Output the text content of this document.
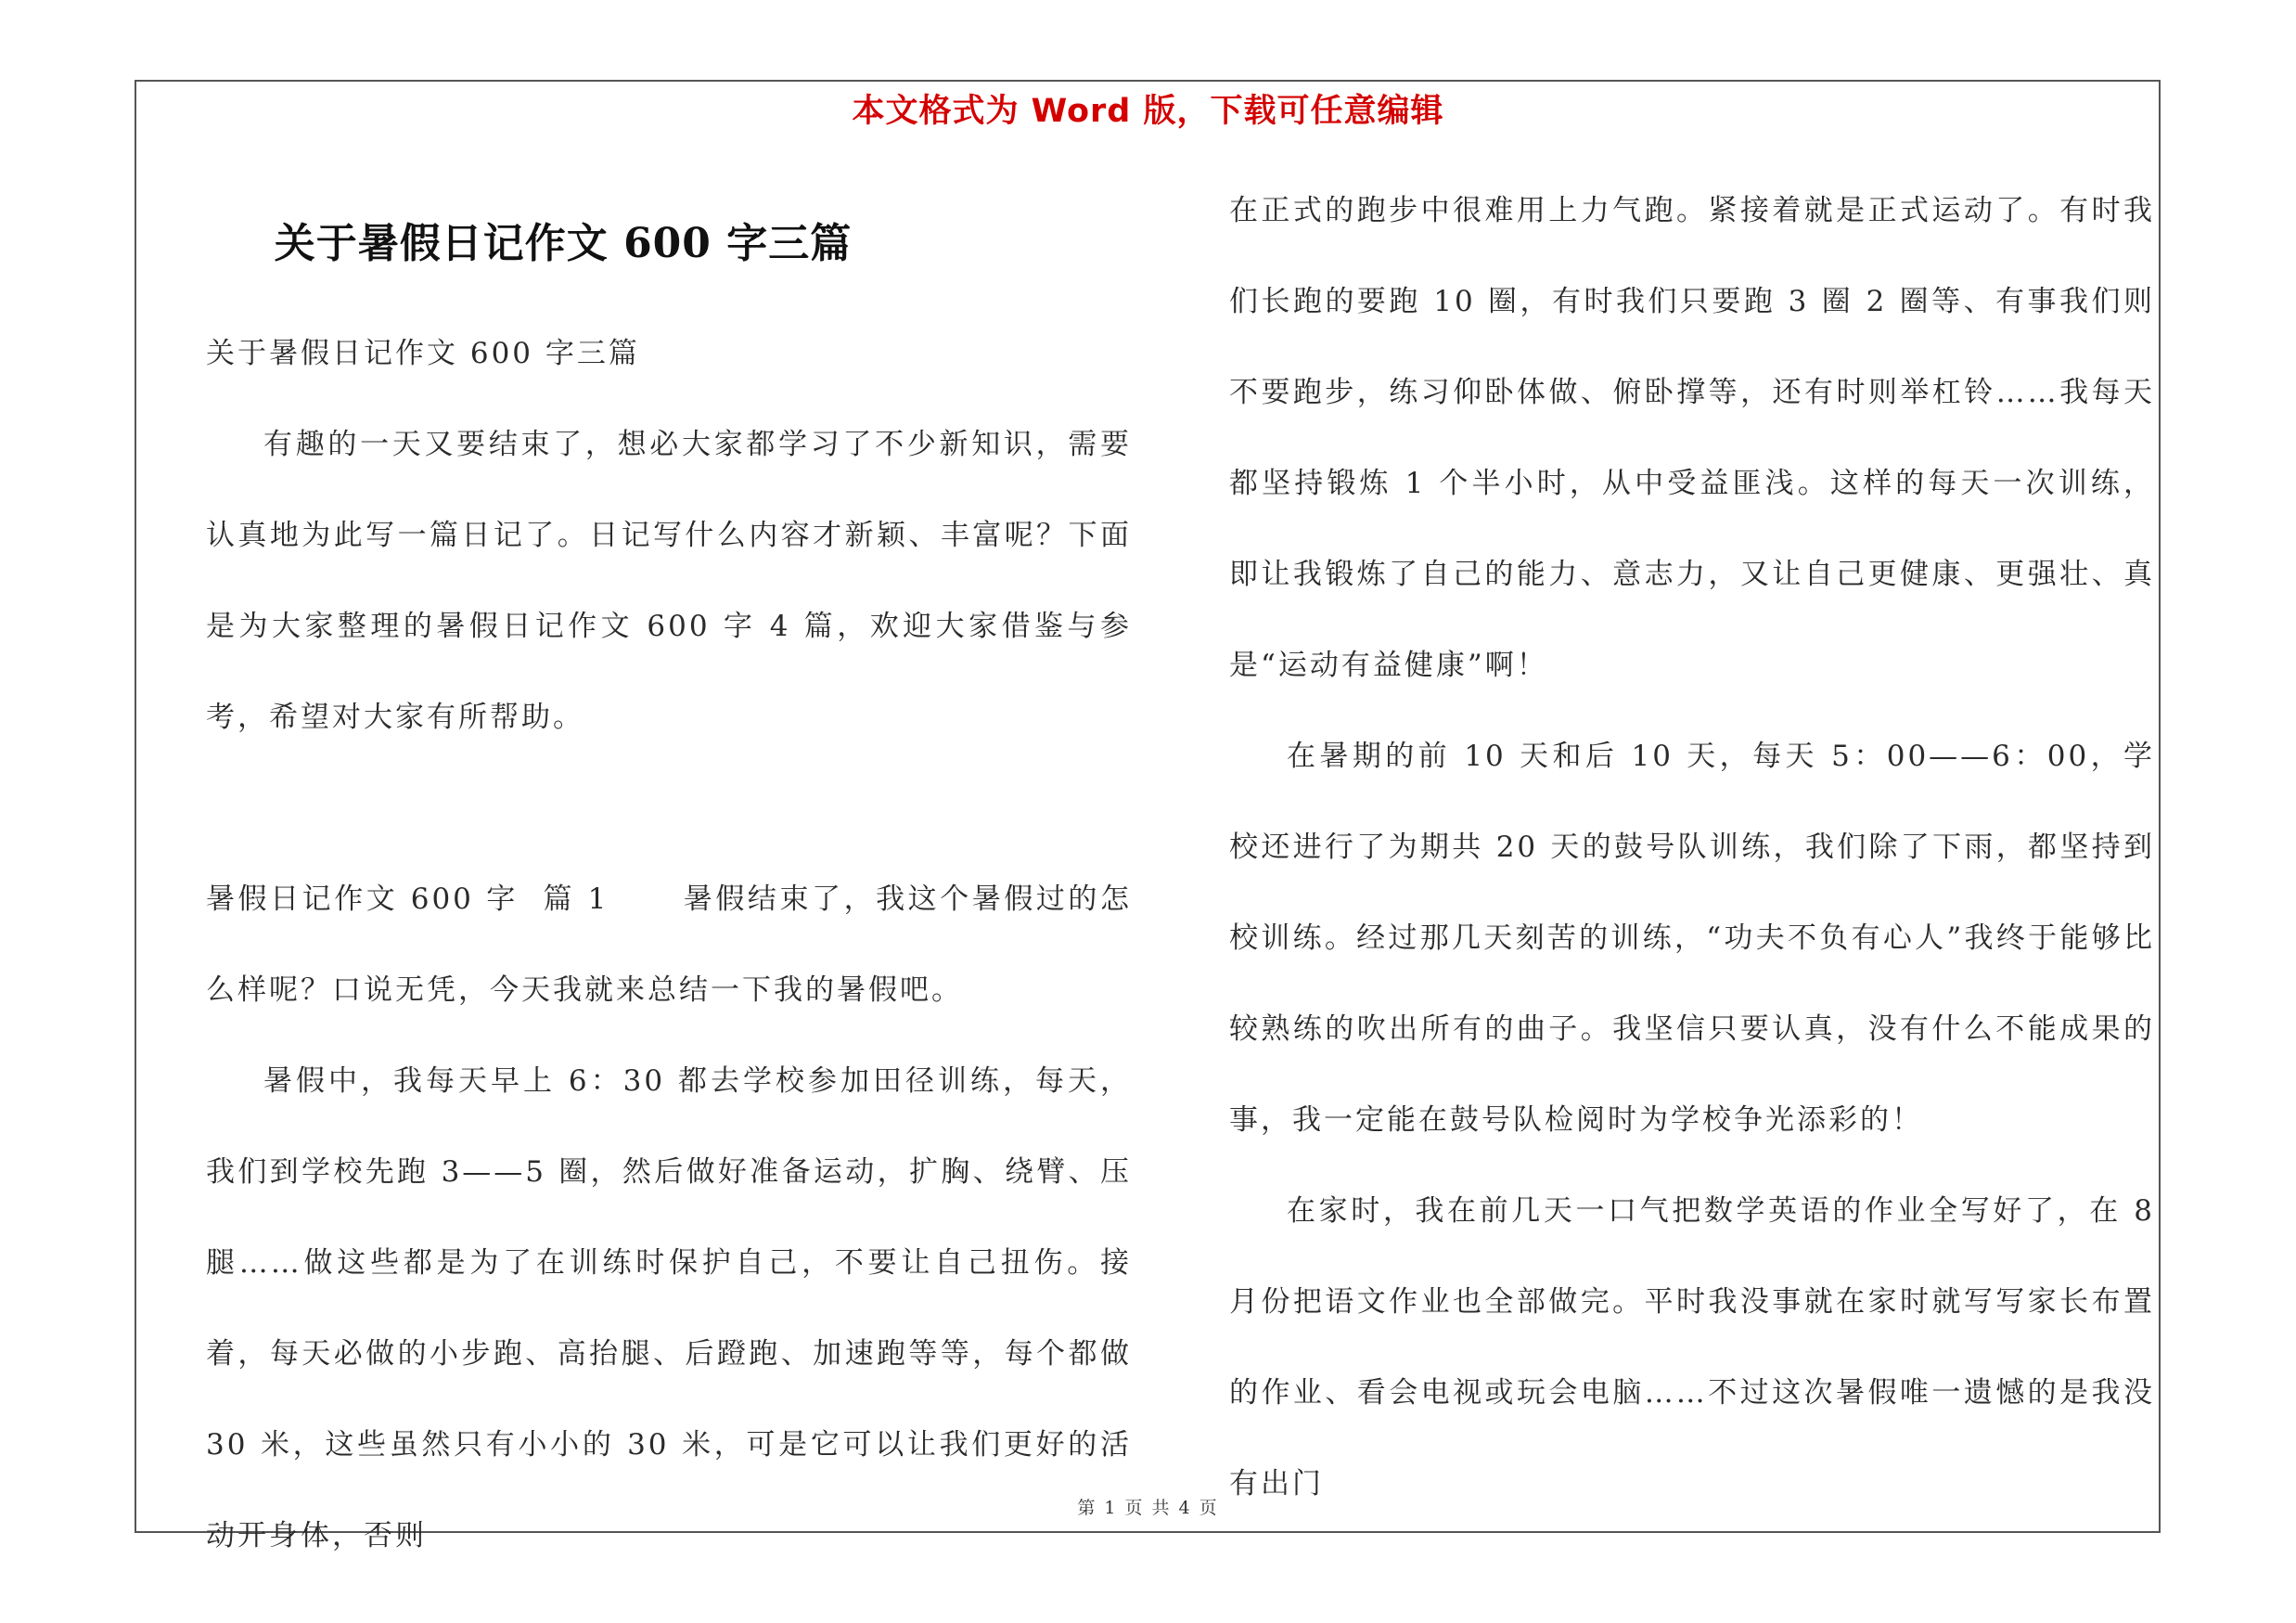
本文格式为 Word 版，下载可任意编辑
关于暑假日记作文 600 字三篇

关于暑假日记作文 600 字三篇

有趣的一天又要结束了，想必大家都学习了不少新知识，需要认真地为此写一篇日记了。日记写什么内容才新颖、丰富呢？下面是为大家整理的暑假日记作文 600 字 4 篇，欢迎大家借鉴与参考，希望对大家有所帮助。

暑假日记作文 600 字  篇 1      暑假结束了，我这个暑假过的怎么样呢？口说无凭，今天我就来总结一下我的暑假吧。

暑假中，我每天早上 6：30 都去学校参加田径训练，每天，我们到学校先跑 3——5 圈，然后做好准备运动，扩胸、绕臂、压腿……做这些都是为了在训练时保护自己，不要让自己扭伤。接着，每天必做的小步跑、高抬腿、后蹬跑、加速跑等等，每个都做 30 米，这些虽然只有小小的 30 米，可是它可以让我们更好的活动开身体，否则

在正式的跑步中很难用上力气跑。紧接着就是正式运动了。有时我们长跑的要跑 10 圈，有时我们只要跑 3 圈 2 圈等、有事我们则不要跑步，练习仰卧体做、俯卧撑等，还有时则举杠铃……我每天都坚持锻炼 1 个半小时，从中受益匪浅。这样的每天一次训练，即让我锻炼了自己的能力、意志力，又让自己更健康、更强壮、真是“运动有益健康”啊！

在暑期的前 10 天和后 10 天，每天 5：00——6：00，学校还进行了为期共 20 天的鼓号队训练，我们除了下雨，都坚持到校训练。经过那几天刻苦的训练，“功夫不负有心人”我终于能够比较熟练的吹出所有的曲子。我坚信只要认真，没有什么不能成果的事，我一定能在鼓号队检阅时为学校争光添彩的！

在家时，我在前几天一口气把数学英语的作业全写好了，在 8 月份把语文作业也全部做完。平时我没事就在家时就写写家长布置的作业、看会电视或玩会电脑……不过这次暑假唯一遗憾的是我没有出门

第 1 页 共 4 页
